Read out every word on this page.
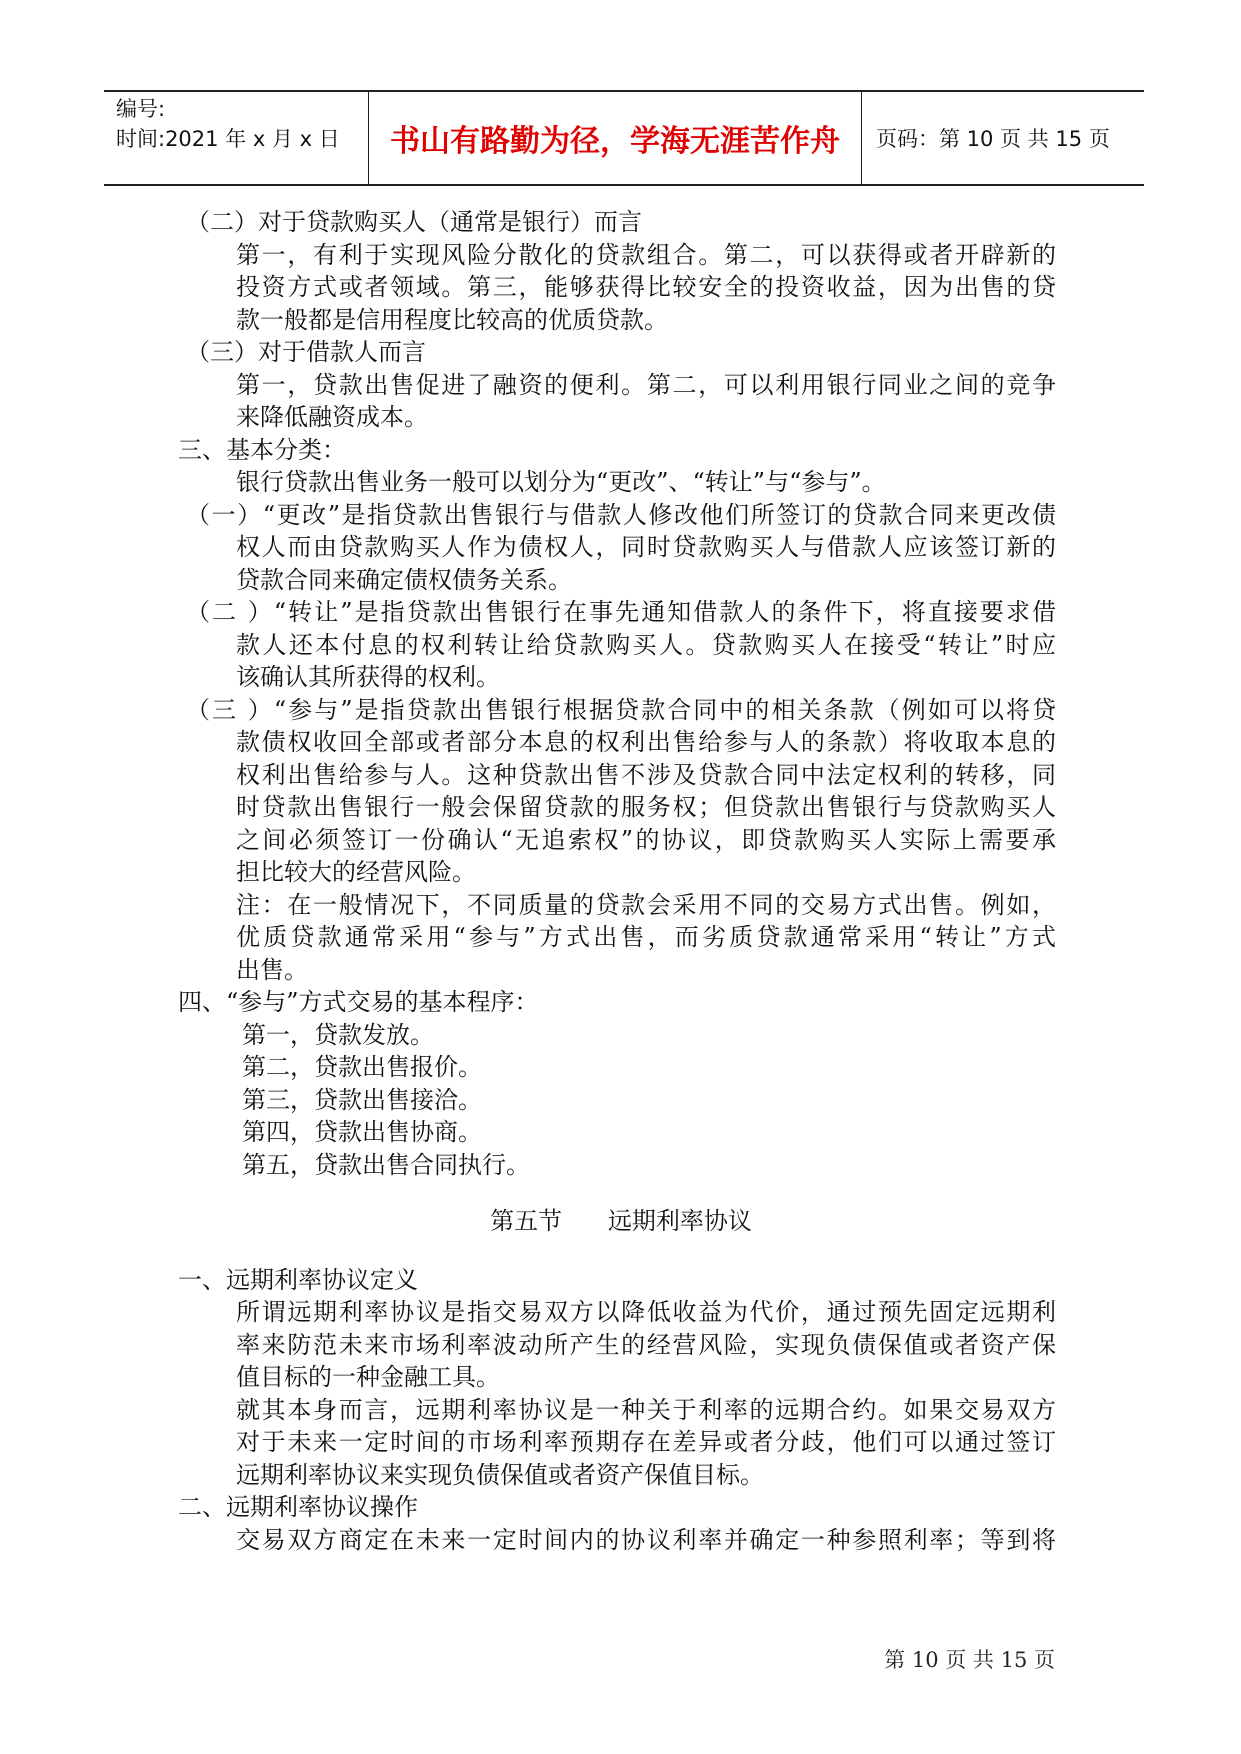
编号:
时间:2021 年 x 月 x 日	书山有路勤为径，学海无涯苦作舟	页码：第 10 页 共 15 页
（二）对于贷款购买人（通常是银行）而言
第一，有利于实现风险分散化的贷款组合。第二，可以获得或者开辟新的
投资方式或者领域。第三，能够获得比较安全的投资收益，因为出售的贷
款一般都是信用程度比较高的优质贷款。
（三）对于借款人而言
第一，贷款出售促进了融资的便利。第二，可以利用银行同业之间的竞争
来降低融资成本。
三、基本分类：
银行贷款出售业务一般可以划分为“更改”、“转让”与“参与”。
（一）“更改”是指贷款出售银行与借款人修改他们所签订的贷款合同来更改债
权人而由贷款购买人作为债权人，同时贷款购买人与借款人应该签订新的
贷款合同来确定债权债务关系。
（二 ）“转让”是指贷款出售银行在事先通知借款人的条件下，将直接要求借
款人还本付息的权利转让给贷款购买人。贷款购买人在接受“转让”时应
该确认其所获得的权利。
（三 ）“参与”是指贷款出售银行根据贷款合同中的相关条款（例如可以将贷
款债权收回全部或者部分本息的权利出售给参与人的条款）将收取本息的
权利出售给参与人。这种贷款出售不涉及贷款合同中法定权利的转移，同
时贷款出售银行一般会保留贷款的服务权；但贷款出售银行与贷款购买人
之间必须签订一份确认“无追索权”的协议，即贷款购买人实际上需要承
担比较大的经营风险。
注：在一般情况下，不同质量的贷款会采用不同的交易方式出售。例如，
优质贷款通常采用“参与”方式出售，而劣质贷款通常采用“转让”方式
出售。
四、“参与”方式交易的基本程序：
第一，贷款发放。
第二，贷款出售报价。
第三，贷款出售接洽。
第四，贷款出售协商。
第五，贷款出售合同执行。
第五节      远期利率协议
一、远期利率协议定义
所谓远期利率协议是指交易双方以降低收益为代价，通过预先固定远期利
率来防范未来市场利率波动所产生的经营风险，实现负债保值或者资产保
值目标的一种金融工具。
就其本身而言，远期利率协议是一种关于利率的远期合约。如果交易双方
对于未来一定时间的市场利率预期存在差异或者分歧，他们可以通过签订
远期利率协议来实现负债保值或者资产保值目标。
二、远期利率协议操作
交易双方商定在未来一定时间内的协议利率并确定一种参照利率；等到将
第 10 页 共 15 页
